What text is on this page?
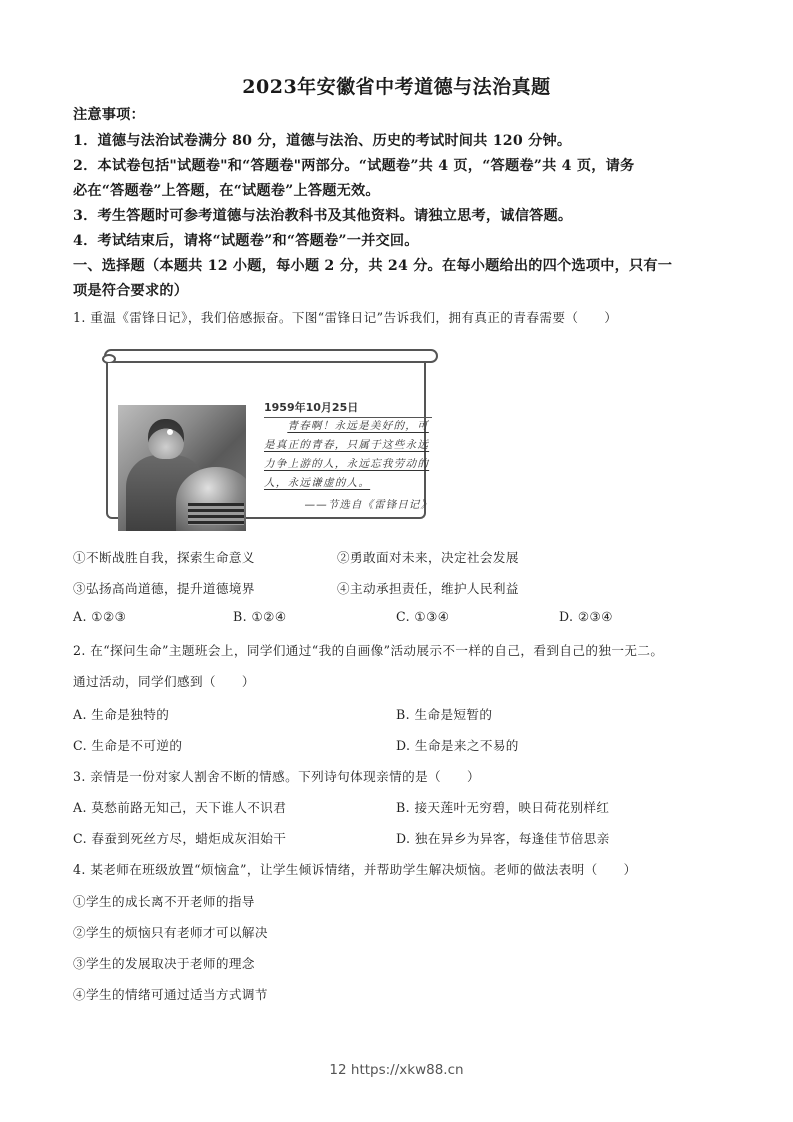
2023年安徽省中考道德与法治真题
注意事项：
1．道德与法治试卷满分 80 分，道德与法治、历史的考试时间共 120 分钟。
2．本试卷包括"试题卷"和“答题卷"两部分。“试题卷”共 4 页，“答题卷”共 4 页，请务
必在“答题卷”上答题，在“试题卷”上答题无效。
3．考生答题时可参考道德与法治教科书及其他资料。请独立思考，诚信答题。
4．考试结束后，请将“试题卷”和“答题卷”一并交回。
一、选择题（本题共 12 小题，每小题 2 分，共 24 分。在每小题给出的四个选项中，只有一
项是符合要求的）
1. 重温《雷锋日记》，我们倍感振奋。下图“雷锋日记”告诉我们，拥有真正的青春需要（　　）
1959年10月25日
青春啊！永远是美好的，可是真正的青春，只属于这些永远力争上游的人，永远忘我劳动的人，永远谦虚的人。
——节选自《雷锋日记》
①不断战胜自我，探索生命意义	②勇敢面对未来，决定社会发展
③弘扬高尚道德，提升道德境界	④主动承担责任，维护人民利益
A. ①②③	B. ①②④	C. ①③④	D. ②③④
2. 在“探问生命”主题班会上，同学们通过“我的自画像”活动展示不一样的自己，看到自己的独一无二。
通过活动，同学们感到（　　）
A. 生命是独特的	B. 生命是短暂的
C. 生命是不可逆的	D. 生命是来之不易的
3. 亲情是一份对家人割舍不断的情感。下列诗句体现亲情的是（　　）
A. 莫愁前路无知己，天下谁人不识君	B. 接天莲叶无穷碧，映日荷花别样红
C. 春蚕到死丝方尽，蜡炬成灰泪始干	D. 独在异乡为异客，每逢佳节倍思亲
4. 某老师在班级放置“烦恼盒”，让学生倾诉情绪，并帮助学生解决烦恼。老师的做法表明（　　）
①学生的成长离不开老师的指导
②学生的烦恼只有老师才可以解决
③学生的发展取决于老师的理念
④学生的情绪可通过适当方式调节
12 https://xkw88.cn
